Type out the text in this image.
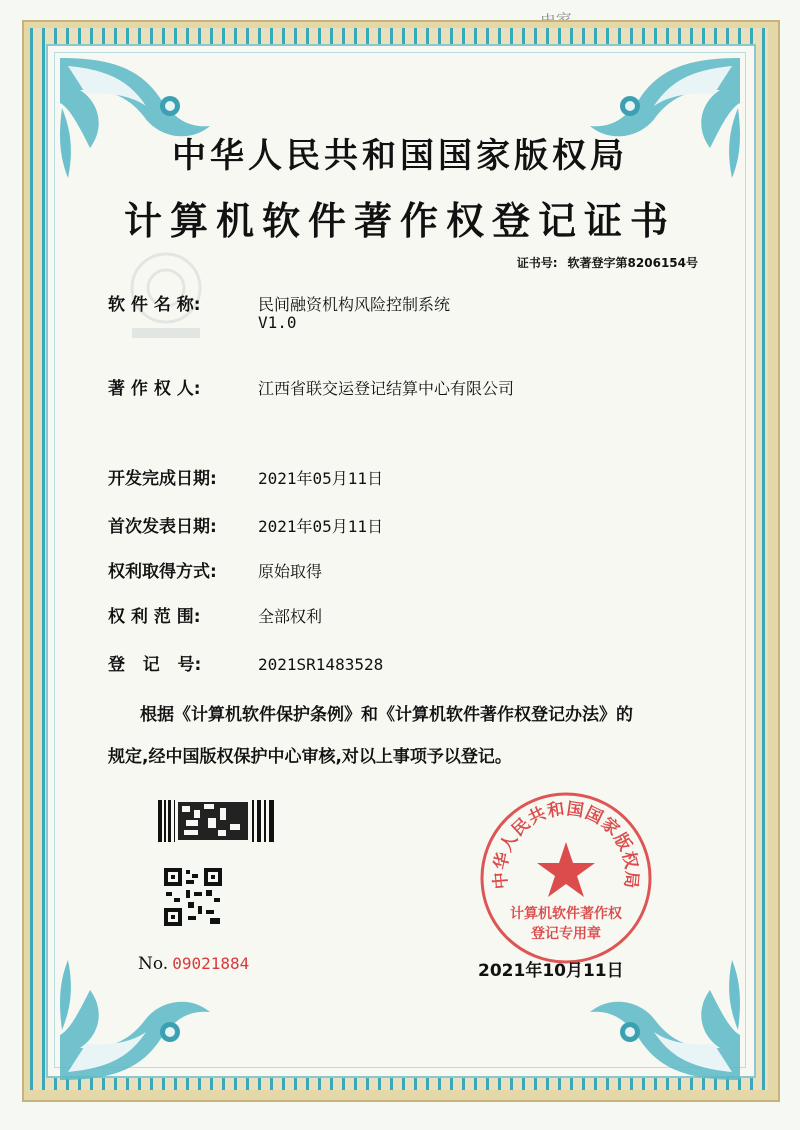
中华人民共和国国家版权局
计算机软件著作权登记证书
证书号: 软著登字第8206154号
软 件 名 称:	民间融资机构风险控制系统
V1.0
著 作 权 人:	江西省联交运登记结算中心有限公司
开发完成日期:	2021年05月11日
首次发表日期:	2021年05月11日
权利取得方式:	原始取得
权 利 范 围:	全部权利
登   记   号:	2021SR1483528
根据《计算机软件保护条例》和《计算机软件著作权登记办法》的
规定,经中国版权保护中心审核,对以上事项予以登记。
No. 09021884
中华人民共和国国家版权局
计算机软件著作权
登记专用章
2021年10月11日
